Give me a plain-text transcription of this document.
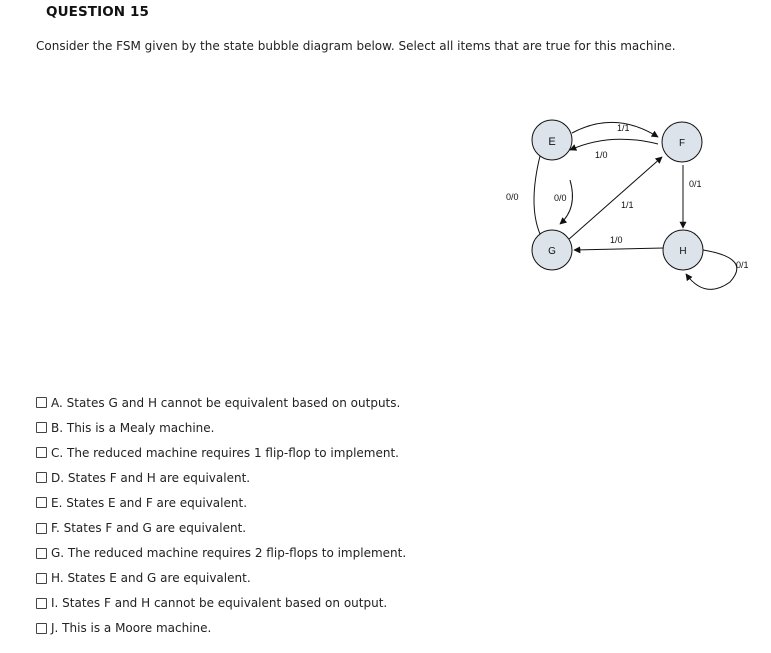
QUESTION 15
Consider the FSM given by the state bubble diagram below. Select all items that are true for this machine.
E	F
G	H
1/1
1/0
0/1
1/1
1/0
0/0	0/0
0/1
A. States G and H cannot be equivalent based on outputs.
B. This is a Mealy machine.
C. The reduced machine requires 1 flip-flop to implement.
D. States F and H are equivalent.
E. States E and F are equivalent.
F. States F and G are equivalent.
G. The reduced machine requires 2 flip-flops to implement.
H. States E and G are equivalent.
I. States F and H cannot be equivalent based on output.
J. This is a Moore machine.
